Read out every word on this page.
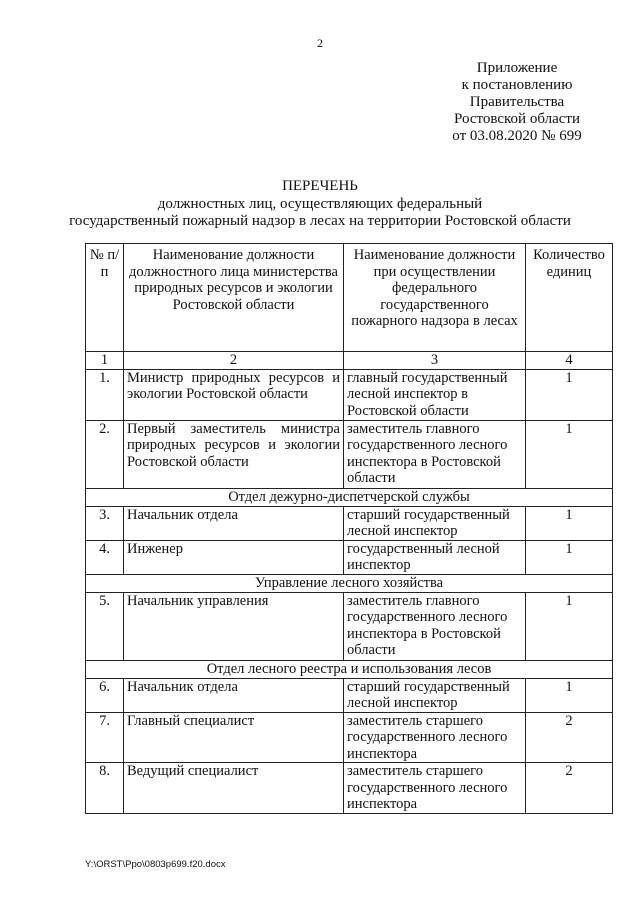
2
Приложение
к постановлению
Правительства
Ростовской области
от 03.08.2020 № 699
ПЕРЕЧЕНЬ
должностных лиц, осуществляющих федеральный
государственный пожарный надзор в лесах на территории Ростовской области
№ п/п	Наименование должности должностного лица министерства природных ресурсов и экологии Ростовской области	Наименование должности при осуществлении федерального государственного пожарного надзора в лесах	Количество единиц
1	2	3	4
1.	Министр природных ресурсов и экологии Ростовской области	главный государственный лесной инспектор в Ростовской области	1
2.	Первый заместитель министра природных ресурсов и экологии Ростовской области	заместитель главного государственного лесного инспектора в Ростовской области	1
Отдел дежурно-диспетчерской службы			
3.	Начальник отдела	старший государственный лесной инспектор	1
4.	Инженер	государственный лесной инспектор	1
Управление лесного хозяйства			
5.	Начальник управления	заместитель главного государственного лесного инспектора в Ростовской области	1
Отдел лесного реестра и использования лесов			
6.	Начальник отдела	старший государственный лесной инспектор	1
7.	Главный специалист	заместитель старшего государственного лесного инспектора	2
8.	Ведущий специалист	заместитель старшего государственного лесного инспектора	2
Y:\ORST\Ppo\0803p699.f20.docx
